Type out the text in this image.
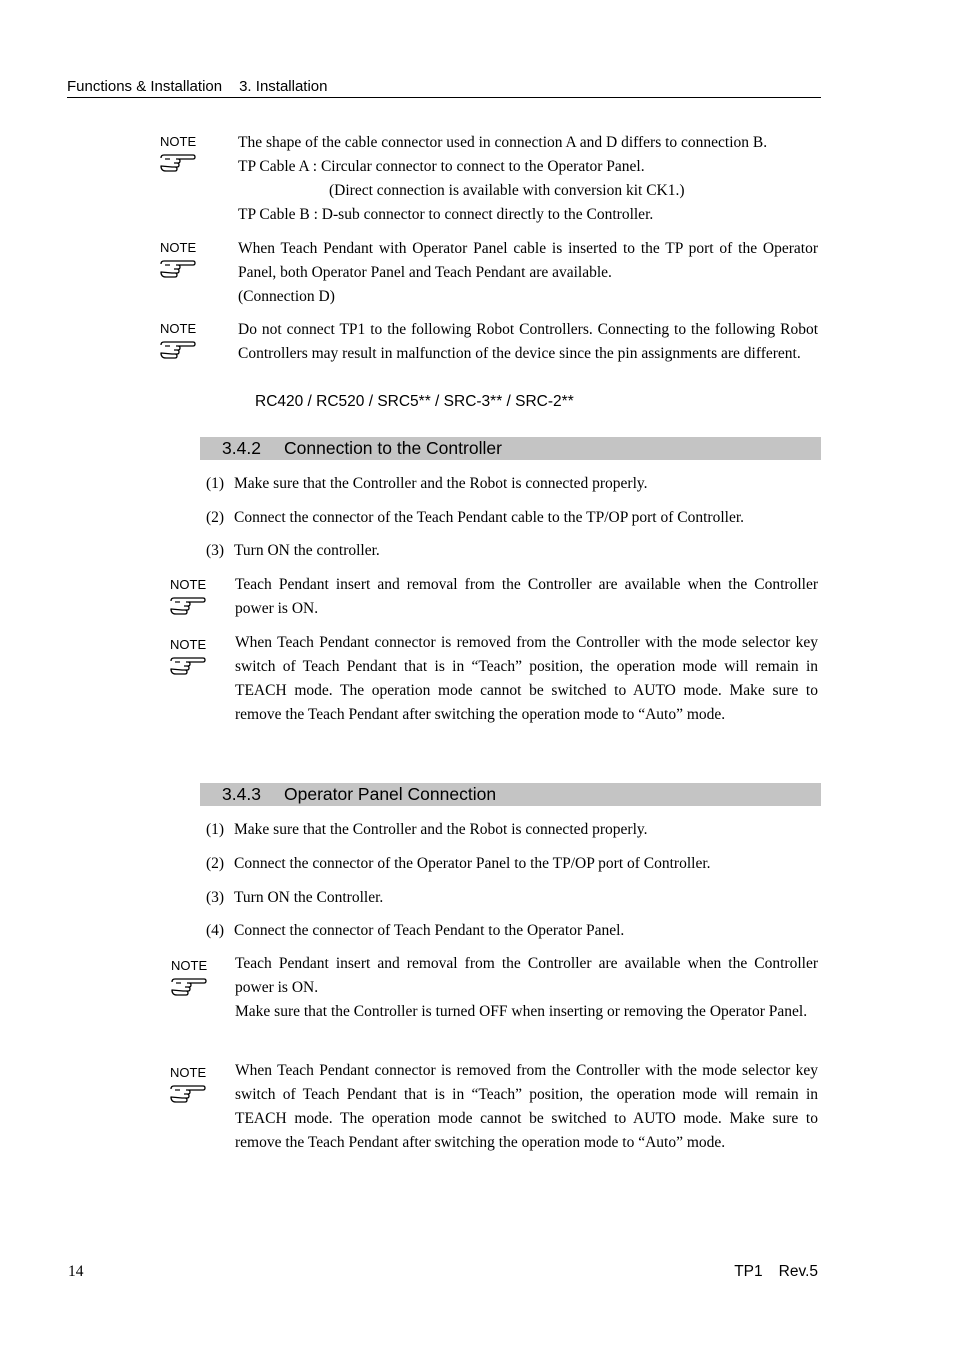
Functions & Installation 3. Installation
NOTE	The shape of the cable connector used in connection A and D differs to connection B.
TP Cable A : Circular connector to connect to the Operator Panel.
(Direct connection is available with conversion kit CK1.)
TP Cable B : D-sub connector to connect directly to the Controller.
NOTE	When Teach Pendant with Operator Panel cable is inserted to the TP port of the Operator Panel, both Operator Panel and Teach Pendant are available.
(Connection D)
NOTE	Do not connect TP1 to the following Robot Controllers. Connecting to the following Robot Controllers may result in malfunction of the device since the pin assignments are different.
RC420 / RC520 / SRC5** / SRC-3** / SRC-2**
3.4.2 Connection to the Controller
(1) Make sure that the Controller and the Robot is connected properly.
(2) Connect the connector of the Teach Pendant cable to the TP/OP port of Controller.
(3) Turn ON the controller.
NOTE Teach Pendant insert and removal from the Controller are available when the Controller power is ON.
NOTE When Teach Pendant connector is removed from the Controller with the mode selector key switch of Teach Pendant that is in “Teach” position, the operation mode will remain in TEACH mode. The operation mode cannot be switched to AUTO mode. Make sure to remove the Teach Pendant after switching the operation mode to “Auto” mode.
3.4.3 Operator Panel Connection
(1) Make sure that the Controller and the Robot is connected properly.
(2) Connect the connector of the Operator Panel to the TP/OP port of Controller.
(3) Turn ON the Controller.
(4) Connect the connector of Teach Pendant to the Operator Panel.
NOTE Teach Pendant insert and removal from the Controller are available when the Controller power is ON.
Make sure that the Controller is turned OFF when inserting or removing the Operator Panel.
NOTE When Teach Pendant connector is removed from the Controller with the mode selector key switch of Teach Pendant that is in “Teach” position, the operation mode will remain in TEACH mode. The operation mode cannot be switched to AUTO mode. Make sure to remove the Teach Pendant after switching the operation mode to “Auto” mode.
14	TP1 Rev.5
